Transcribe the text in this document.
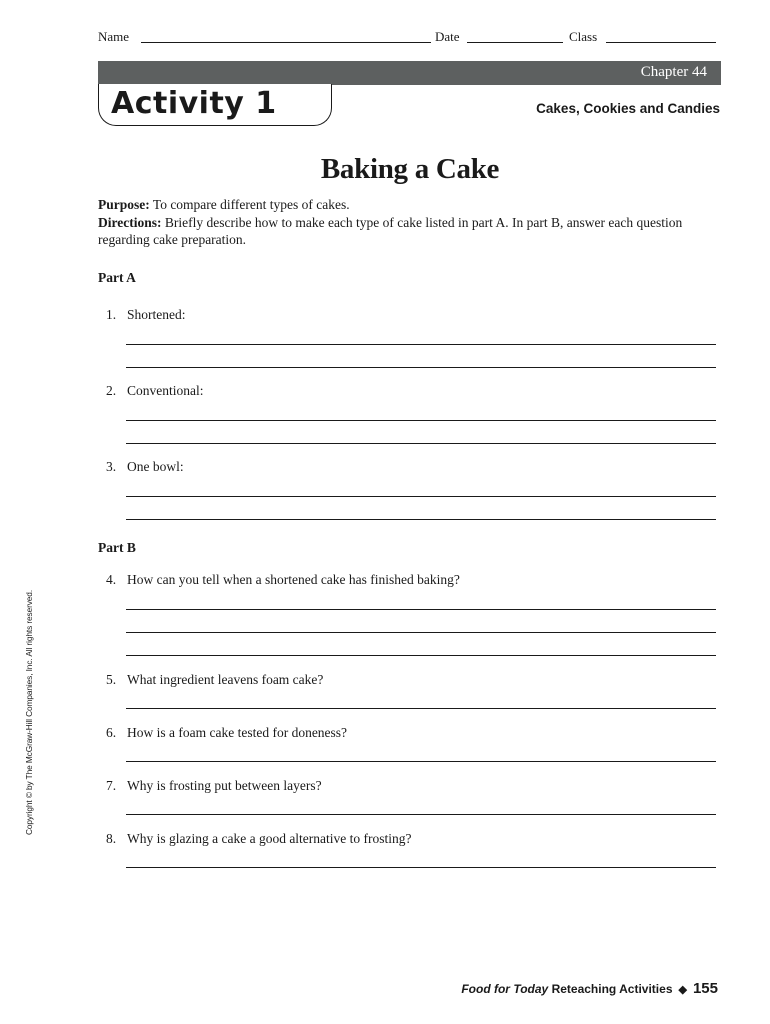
Name	Date	Class
Chapter 44
Activity 1	Cakes, Cookies and Candies
Baking a Cake
Purpose: To compare different types of cakes.
Directions: Briefly describe how to make each type of cake listed in part A. In part B, answer each question regarding cake preparation.
Part A
1. Shortened:
2. Conventional:
3. One bowl:
Part B
4. How can you tell when a shortened cake has finished baking?
5. What ingredient leavens foam cake?
6. How is a foam cake tested for doneness?
7. Why is frosting put between layers?
8. Why is glazing a cake a good alternative to frosting?
Copyright © by The McGraw-Hill Companies, Inc. All rights reserved.
Food for Today Reteaching Activities ◆ 155
